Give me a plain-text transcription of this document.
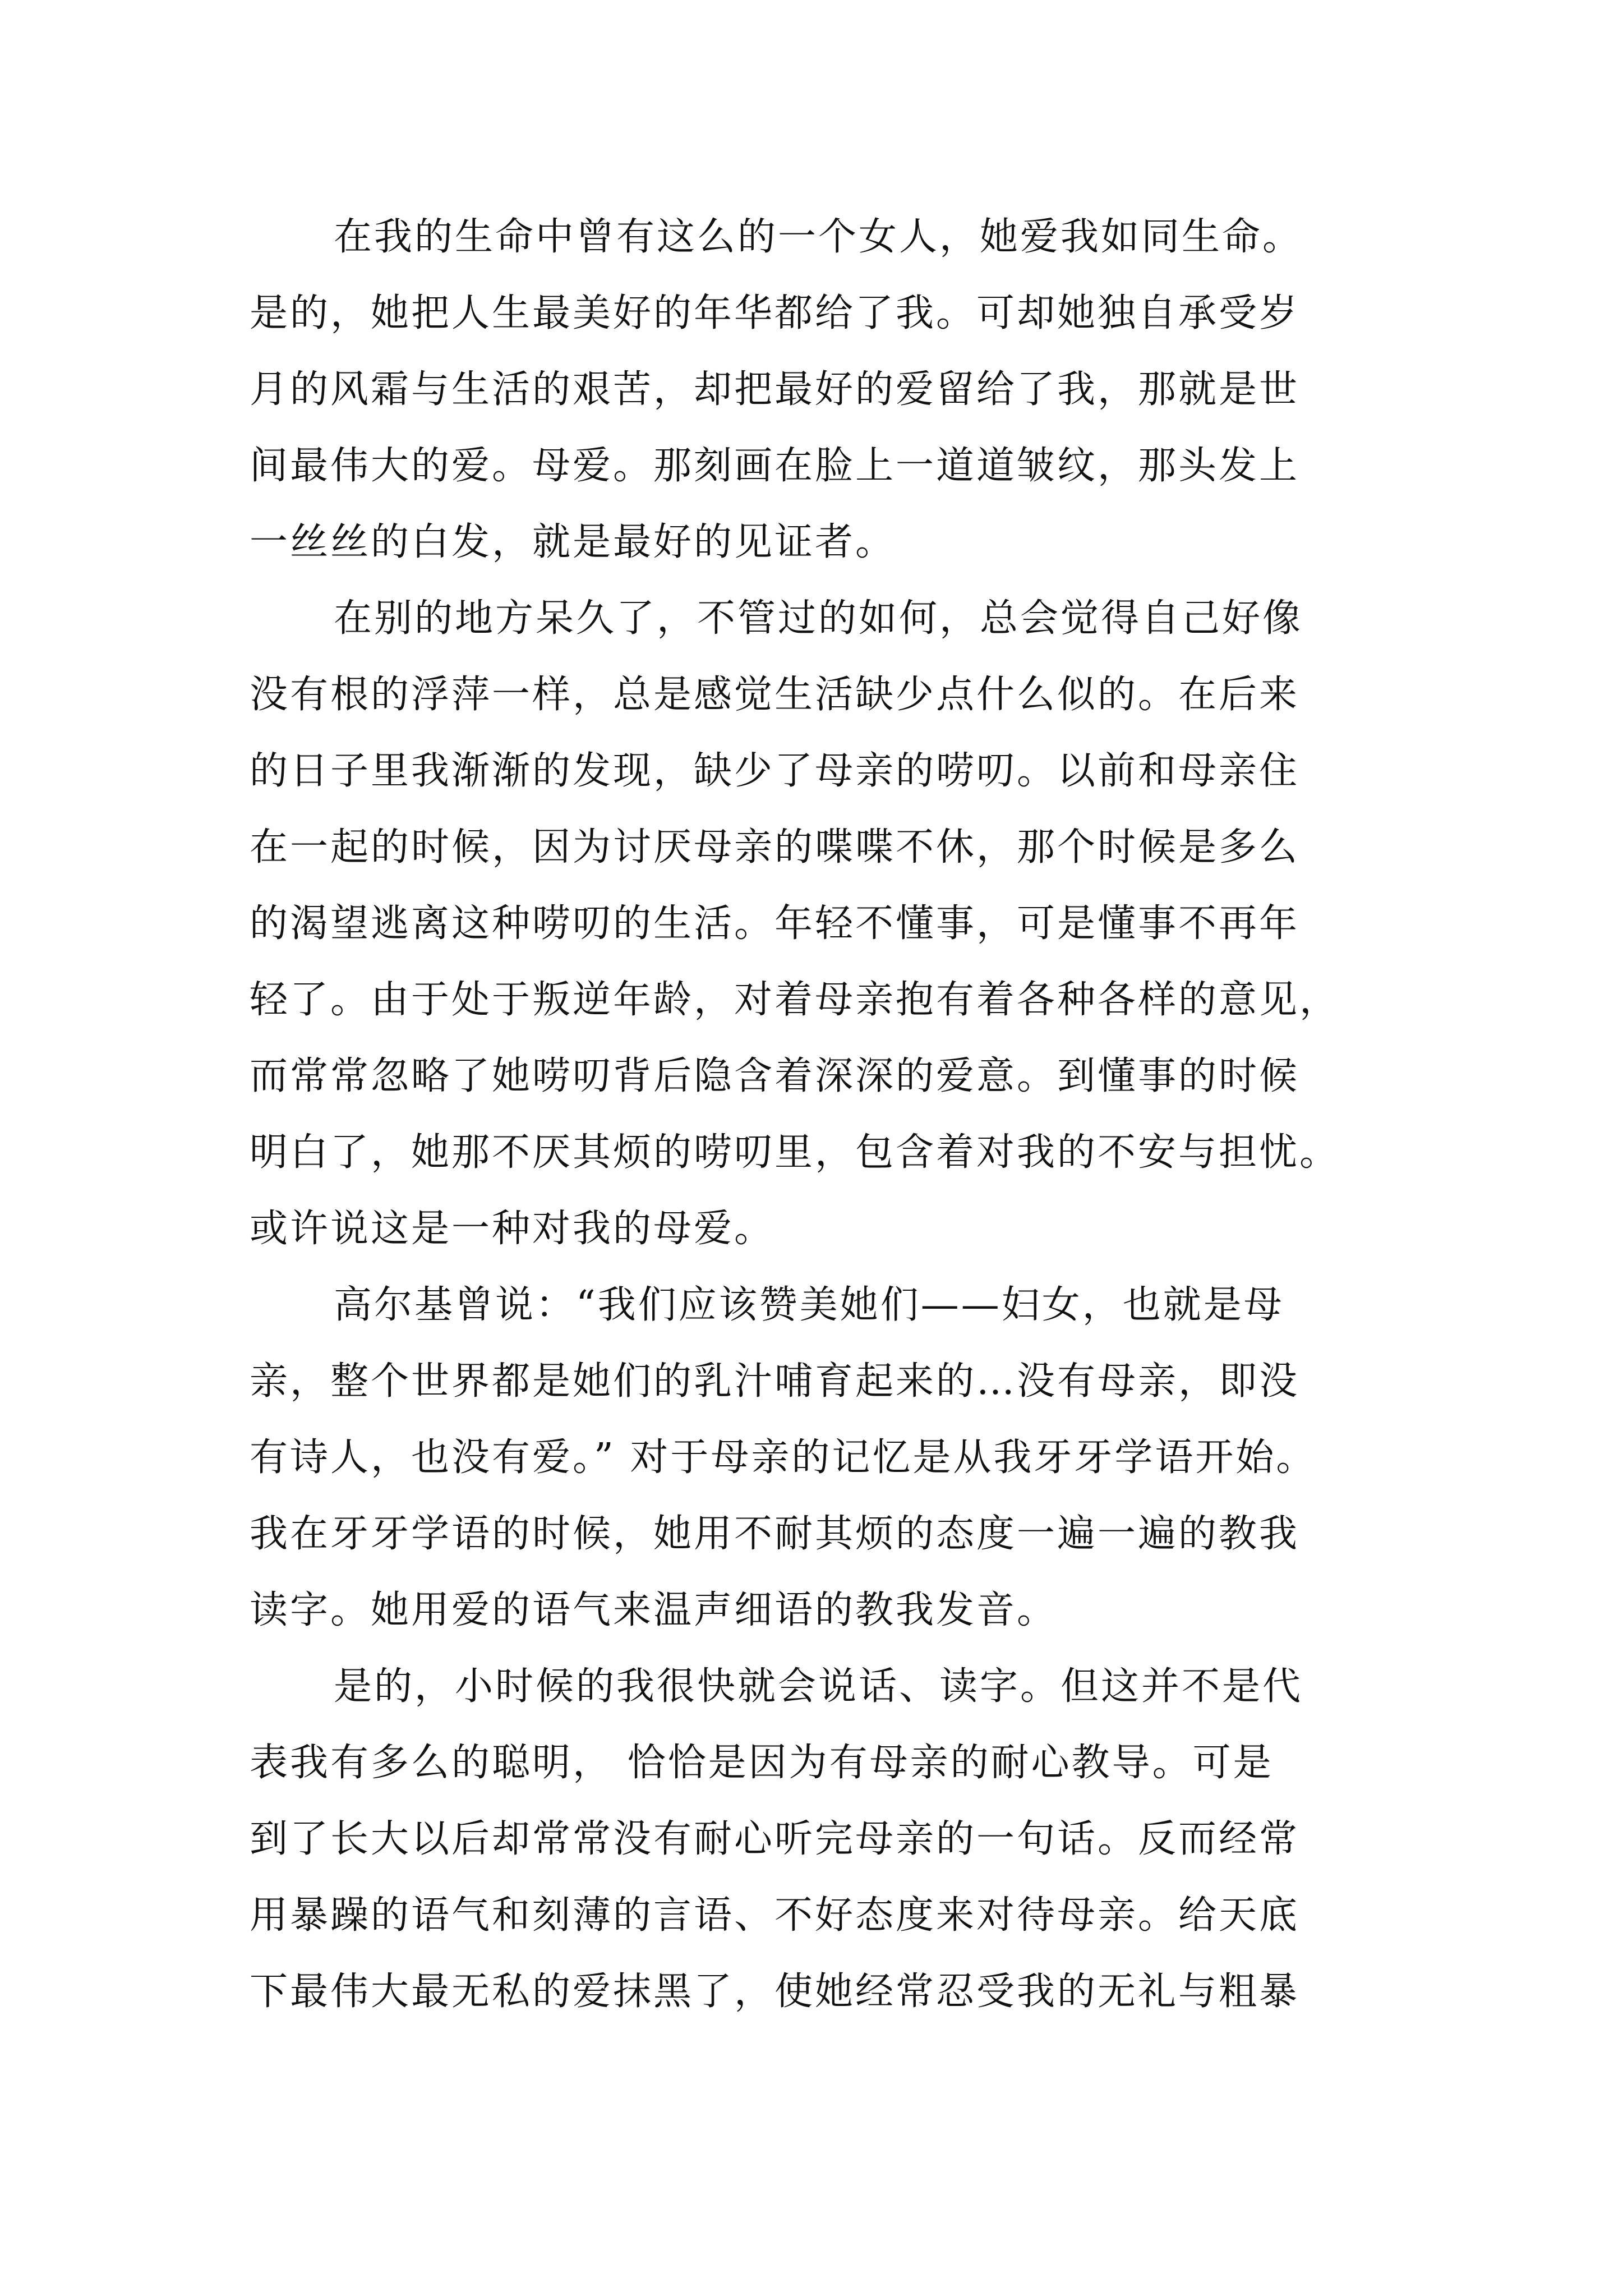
在我的生命中曾有这么的一个女人，她爱我如同生命。
是的，她把人生最美好的年华都给了我。可却她独自承受岁
月的风霜与生活的艰苦，却把最好的爱留给了我，那就是世
间最伟大的爱。母爱。那刻画在脸上一道道皱纹，那头发上
一丝丝的白发，就是最好的见证者。
在别的地方呆久了，不管过的如何，总会觉得自己好像
没有根的浮萍一样，总是感觉生活缺少点什么似的。在后来
的日子里我渐渐的发现，缺少了母亲的唠叨。以前和母亲住
在一起的时候，因为讨厌母亲的喋喋不休，那个时候是多么
的渴望逃离这种唠叨的生活。年轻不懂事，可是懂事不再年
轻了。由于处于叛逆年龄，对着母亲抱有着各种各样的意见，
而常常忽略了她唠叨背后隐含着深深的爱意。到懂事的时候
明白了，她那不厌其烦的唠叨里，包含着对我的不安与担忧。
或许说这是一种对我的母爱。
高尔基曾说：“我们应该赞美她们——妇女，也就是母
亲，整个世界都是她们的乳汁哺育起来的…没有母亲，即没
有诗人，也没有爱。” 对于母亲的记忆是从我牙牙学语开始。
我在牙牙学语的时候，她用不耐其烦的态度一遍一遍的教我
读字。她用爱的语气来温声细语的教我发音。
是的，小时候的我很快就会说话、读字。但这并不是代
表我有多么的聪明， 恰恰是因为有母亲的耐心教导。可是
到了长大以后却常常没有耐心听完母亲的一句话。反而经常
用暴躁的语气和刻薄的言语、不好态度来对待母亲。给天底
下最伟大最无私的爱抹黑了，使她经常忍受我的无礼与粗暴
